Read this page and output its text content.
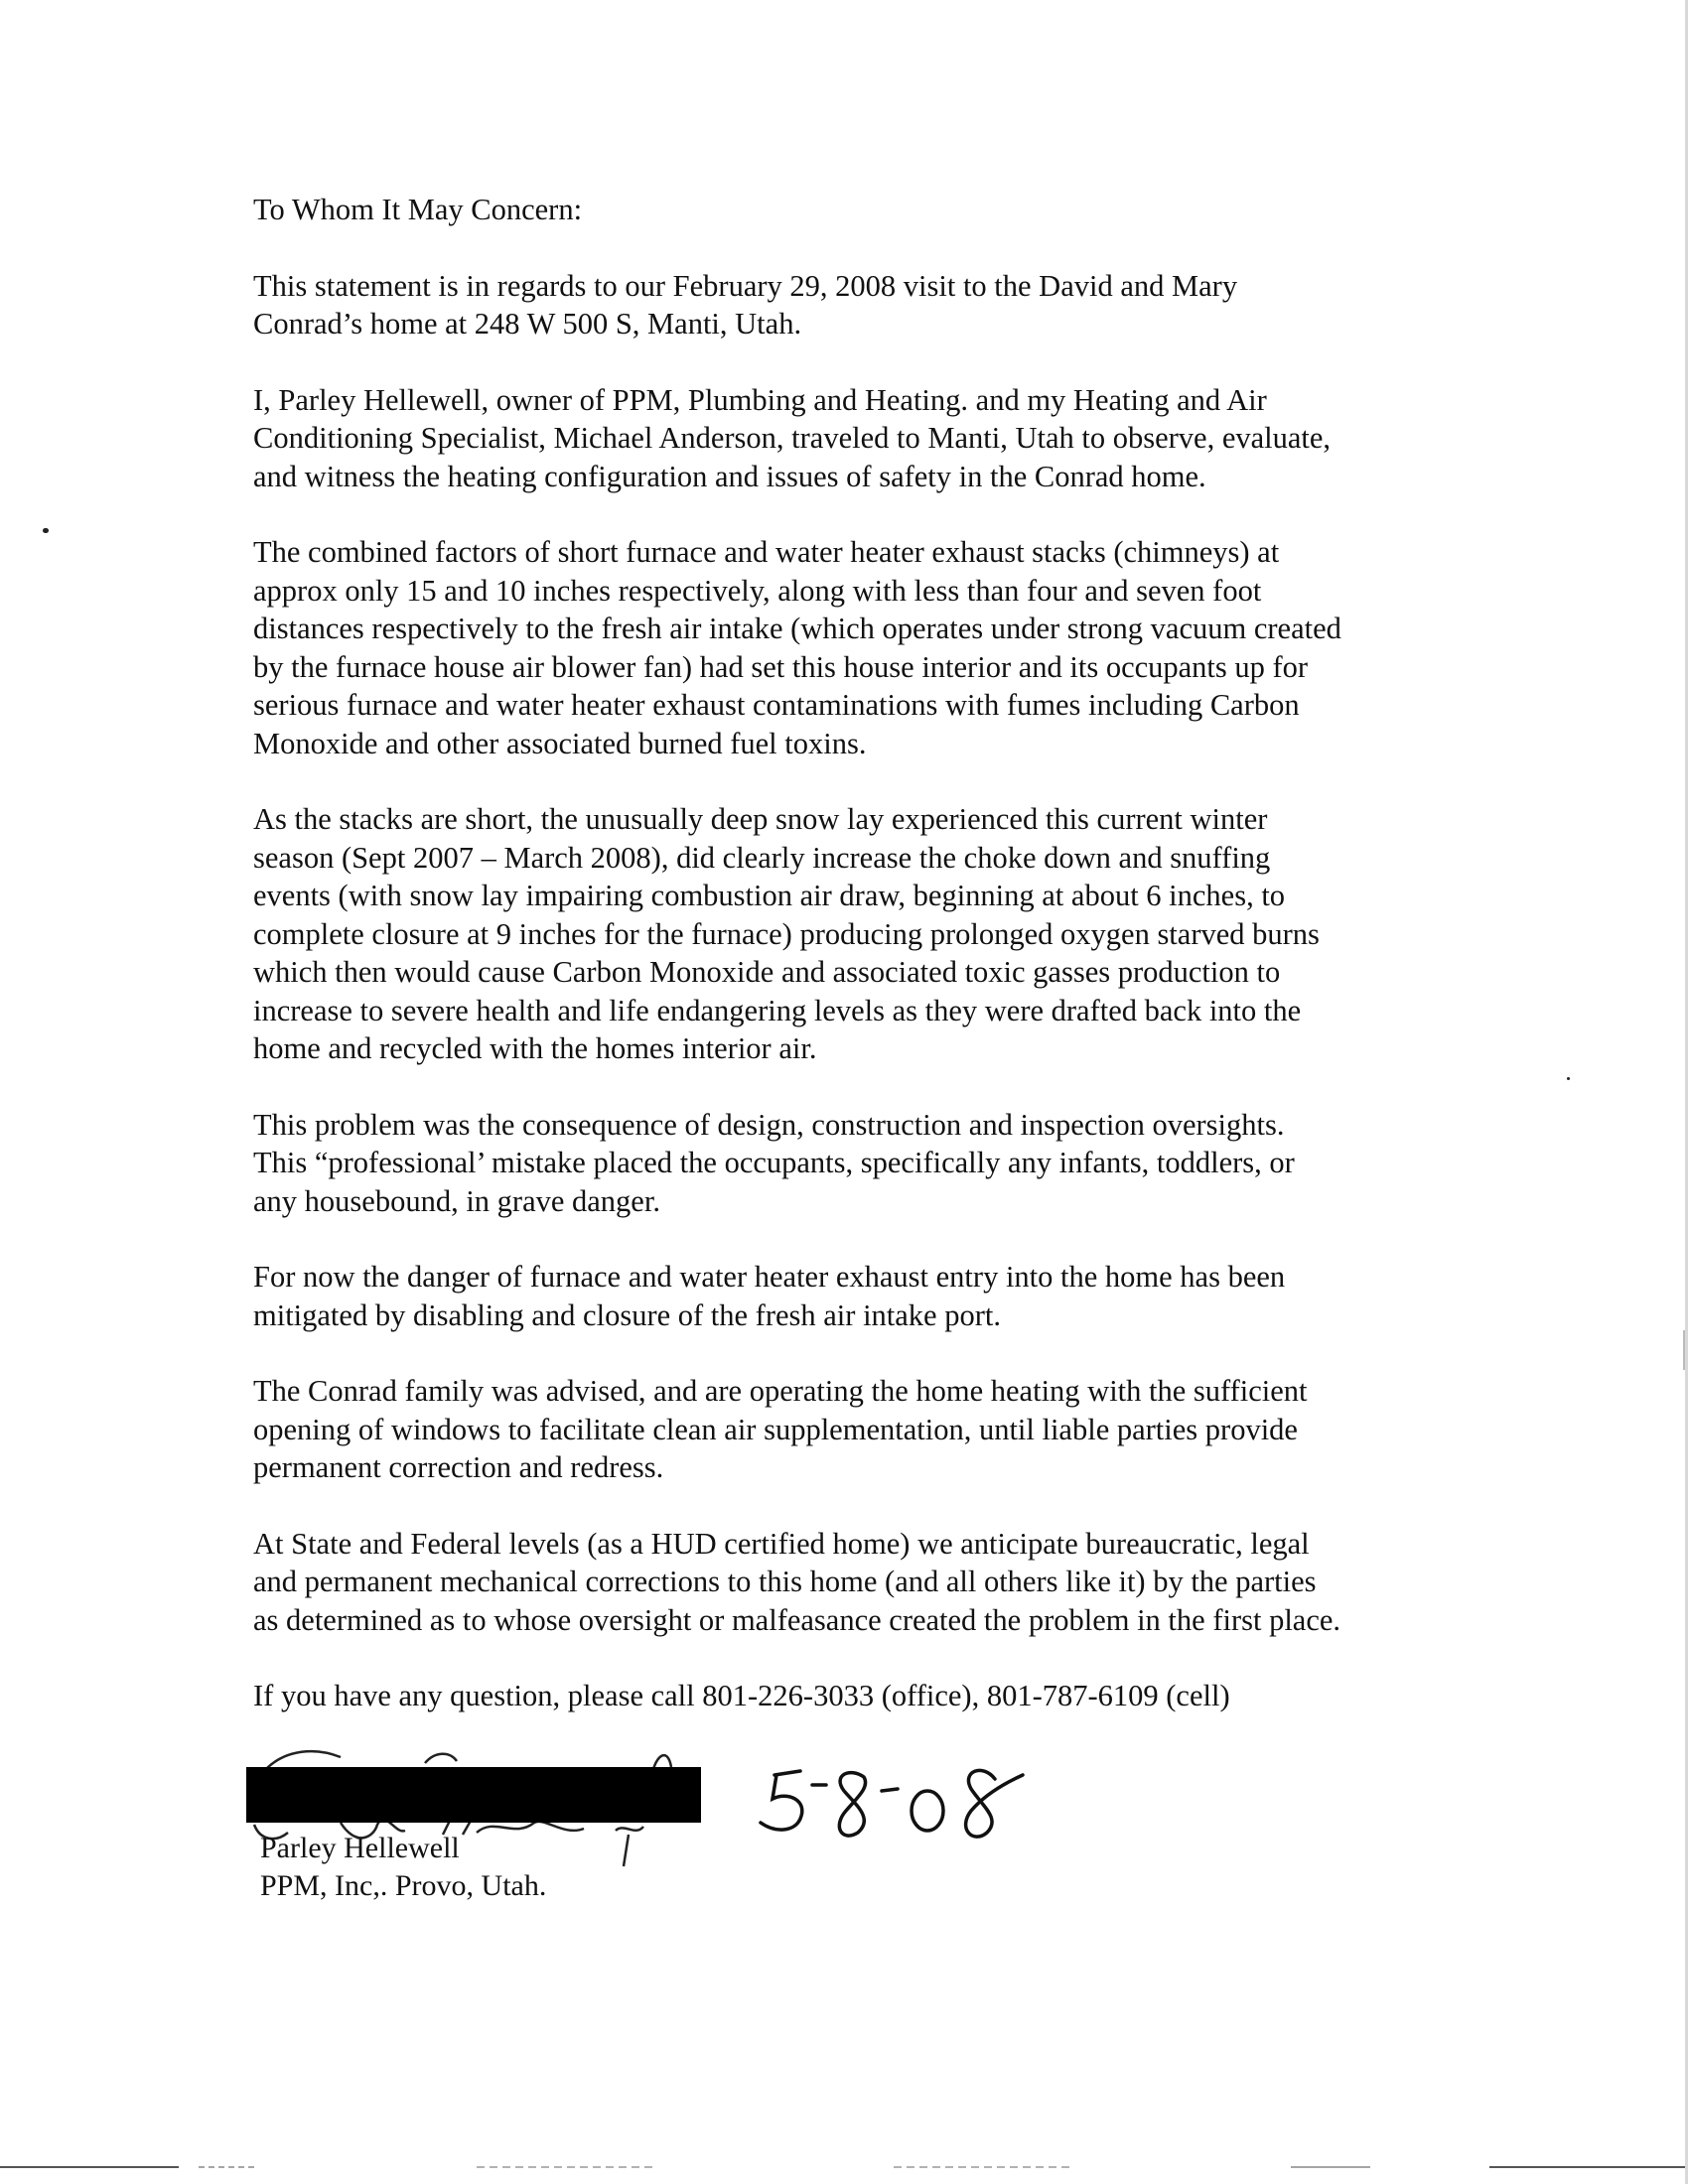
To Whom It May Concern:

This statement is in regards to our February 29, 2008 visit to the David and Mary
Conrad’s home at 248 W 500 S, Manti, Utah.

I, Parley Hellewell, owner of PPM, Plumbing and Heating. and my Heating and Air
Conditioning Specialist, Michael Anderson, traveled to Manti, Utah to observe, evaluate,
and witness the heating configuration and issues of safety in the Conrad home.

The combined factors of short furnace and water heater exhaust stacks (chimneys) at
approx only 15 and 10 inches respectively, along with less than four and seven foot
distances respectively to the fresh air intake (which operates under strong vacuum created
by the furnace house air blower fan) had set this house interior and its occupants up for
serious furnace and water heater exhaust contaminations with fumes including Carbon
Monoxide and other associated burned fuel toxins.

As the stacks are short, the unusually deep snow lay experienced this current winter
season (Sept 2007 – March 2008), did clearly increase the choke down and snuffing
events (with snow lay impairing combustion air draw, beginning at about 6 inches, to
complete closure at 9 inches for the furnace) producing prolonged oxygen starved burns
which then would cause Carbon Monoxide and associated toxic gasses production to
increase to severe health and life endangering levels as they were drafted back into the
home and recycled with the homes interior air.

This problem was the consequence of design, construction and inspection oversights.
This “professional’ mistake placed the occupants, specifically any infants, toddlers, or
any housebound, in grave danger.

For now the danger of furnace and water heater exhaust entry into the home has been
mitigated by disabling and closure of the fresh air intake port.

The Conrad family was advised, and are operating the home heating with the sufficient
opening of windows to facilitate clean air supplementation, until liable parties provide
permanent correction and redress.

At State and Federal levels (as a HUD certified home) we anticipate bureaucratic, legal
and permanent mechanical corrections to this home (and all others like it) by the parties
as determined as to whose oversight or malfeasance created the problem in the first place.

If you have any question, please call 801-226-3033 (office), 801-787-6109 (cell)

Parley Hellewell
PPM, Inc,. Provo, Utah.
